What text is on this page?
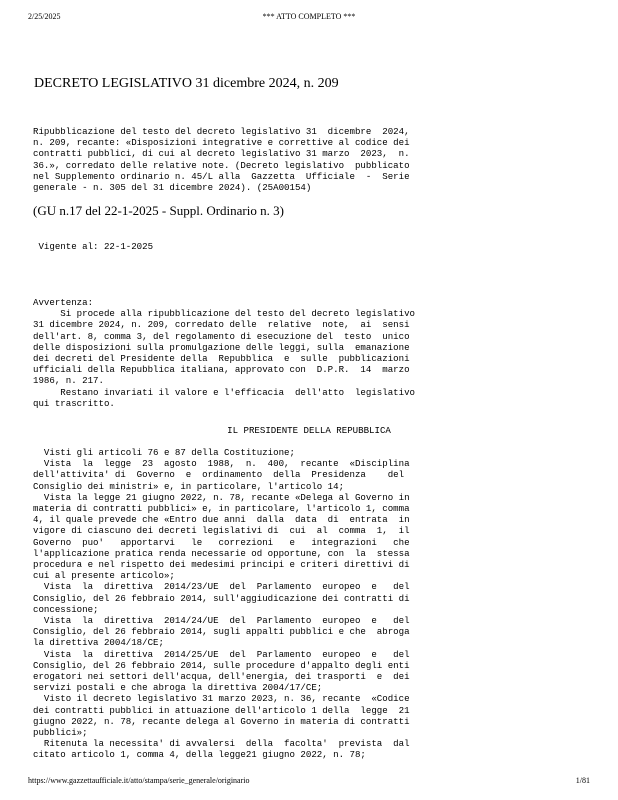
2/25/2025	*** ATTO COMPLETO ***
DECRETO LEGISLATIVO 31 dicembre 2024, n. 209
Ripubblicazione del testo del decreto legislativo 31  dicembre  2024,
n. 209, recante: «Disposizioni integrative e correttive al codice dei
contratti pubblici, di cui al decreto legislativo 31 marzo  2023,  n.
36.», corredato delle relative note. (Decreto legislativo  pubblicato
nel Supplemento ordinario n. 45/L alla  Gazzetta  Ufficiale  -  Serie
generale - n. 305 del 31 dicembre 2024). (25A00154)
(GU n.17 del 22-1-2025 - Suppl. Ordinario n. 3)
Vigente al: 22-1-2025
Avvertenza:
Si procede alla ripubblicazione del testo del decreto legislativo
31 dicembre 2024, n. 209, corredato delle  relative  note,  ai  sensi
dell'art. 8, comma 3, del regolamento di esecuzione del  testo  unico
delle disposizioni sulla promulgazione delle leggi, sulla  emanazione
dei decreti del Presidente della  Repubblica  e  sulle  pubblicazioni
ufficiali della Repubblica italiana, approvato con  D.P.R.  14  marzo
1986, n. 217.
Restano invariati il valore e l'efficacia  dell'atto  legislativo
qui trascritto.
IL PRESIDENTE DELLA REPUBBLICA
Visti gli articoli 76 e 87 della Costituzione;
Vista  la  legge  23  agosto  1988,  n.  400,  recante  «Disciplina
dell'attivita' di  Governo  e  ordinamento  della  Presidenza    del
Consiglio dei ministri» e, in particolare, l'articolo 14;
Vista la legge 21 giugno 2022, n. 78, recante «Delega al Governo in
materia di contratti pubblici» e, in particolare, l'articolo 1, comma
4, il quale prevede che «Entro due anni  dalla  data  di  entrata  in
vigore di ciascuno dei decreti legislativi di  cui  al  comma  1,  il
Governo  puo'   apportarvi   le   correzioni   e   integrazioni   che
l'applicazione pratica renda necessarie od opportune, con  la  stessa
procedura e nel rispetto dei medesimi principi e criteri direttivi di
cui al presente articolo»;
Vista  la  direttiva  2014/23/UE  del  Parlamento  europeo  e   del
Consiglio, del 26 febbraio 2014, sull'aggiudicazione dei contratti di
concessione;
Vista  la  direttiva  2014/24/UE  del  Parlamento  europeo  e   del
Consiglio, del 26 febbraio 2014, sugli appalti pubblici e che  abroga
la direttiva 2004/18/CE;
Vista  la  direttiva  2014/25/UE  del  Parlamento  europeo  e   del
Consiglio, del 26 febbraio 2014, sulle procedure d'appalto degli enti
erogatori nei settori dell'acqua, dell'energia, dei trasporti  e  dei
servizi postali e che abroga la direttiva 2004/17/CE;
Visto il decreto legislativo 31 marzo 2023, n. 36, recante  «Codice
dei contratti pubblici in attuazione dell'articolo 1 della  legge  21
giugno 2022, n. 78, recante delega al Governo in materia di contratti
pubblici»;
Ritenuta la necessita' di avvalersi  della  facolta'  prevista  dal
citato articolo 1, comma 4, della legge21 giugno 2022, n. 78;
https://www.gazzettaufficiale.it/atto/stampa/serie_generale/originario	1/81
